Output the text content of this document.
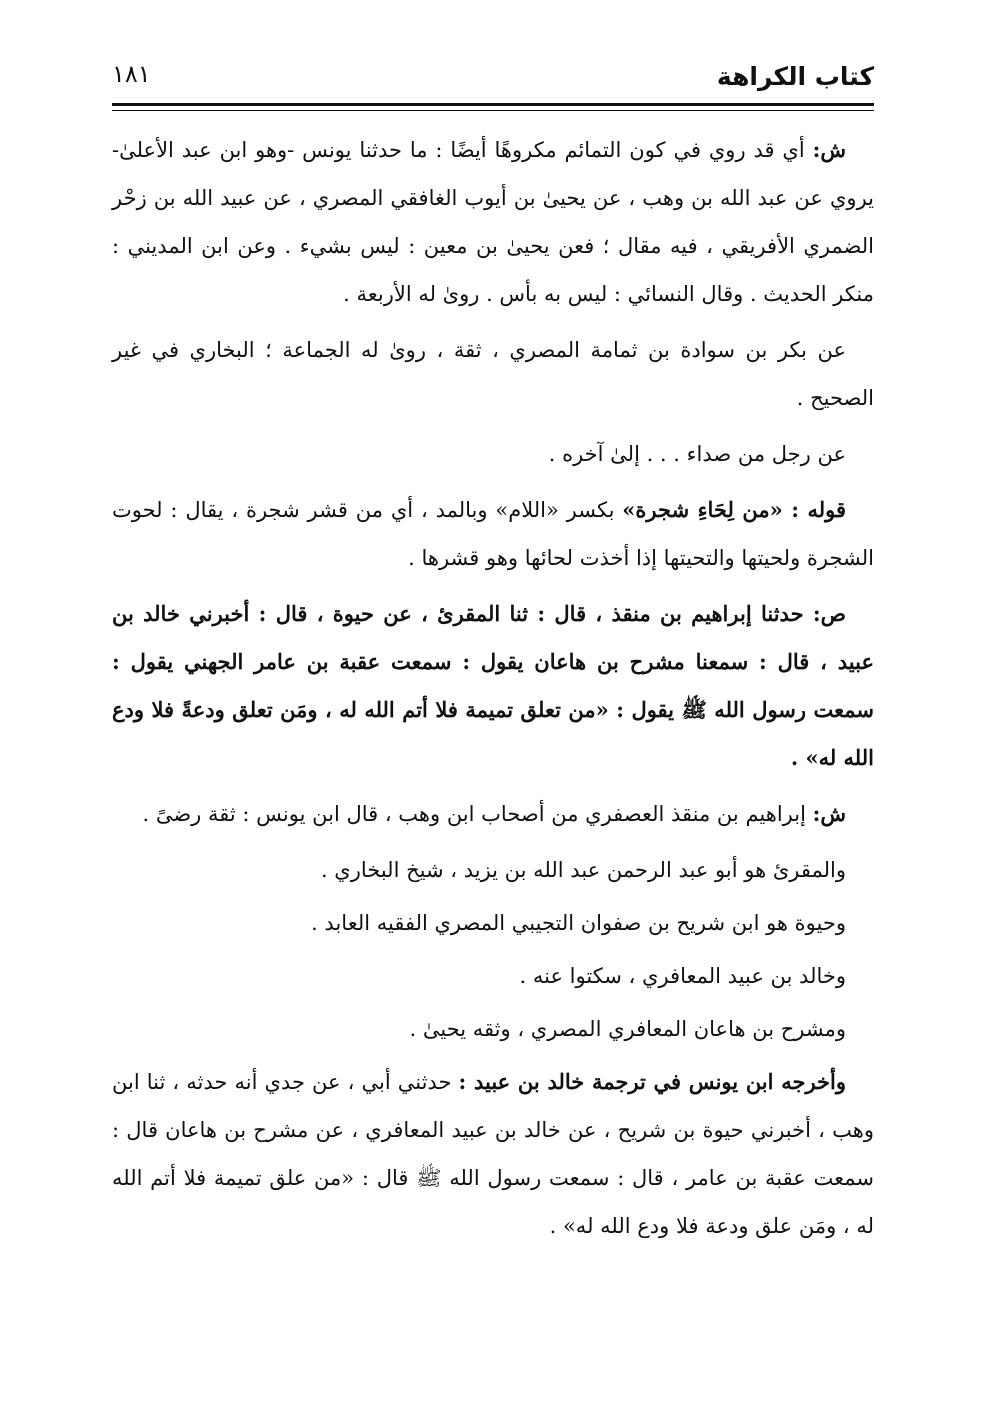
كتاب الكراهة
١٨١

ش: أي قد روي في كون التمائم مكروهًا أيضًا : ما حدثنا يونس -وهو ابن عبد الأعلىٰ- يروي عن عبد الله بن وهب ، عن يحيىٰ بن أيوب الغافقي المصري ، عن عبيد الله بن زحْر الضمري الأفريقي ، فيه مقال ؛ فعن يحيىٰ بن معين : ليس بشيء . وعن ابن المديني : منكر الحديث . وقال النسائي : ليس به بأس . روىٰ له الأربعة .

عن بكر بن سوادة بن ثمامة المصري ، ثقة ، روىٰ له الجماعة ؛ البخاري في غير الصحيح .

عن رجل من صداء . . . إلىٰ آخره .

قوله : «من لِحَاءِ شجرة» بكسر «اللام» وبالمد ، أي من قشر شجرة ، يقال : لحوت الشجرة ولحيتها والتحيتها إذا أخذت لحائها وهو قشرها .

ص: حدثنا إبراهيم بن منقذ ، قال : ثنا المقرئ ، عن حيوة ، قال : أخبرني خالد بن عبيد ، قال : سمعنا مشرح بن هاعان يقول : سمعت عقبة بن عامر الجهني يقول : سمعت رسول الله ﷺ يقول : «من تعلق تميمة فلا أتم الله له ، ومَن تعلق ودعةً فلا ودع الله له» .

ش: إبراهيم بن منقذ العصفري من أصحاب ابن وهب ، قال ابن يونس : ثقة رضىً .

والمقرئ هو أبو عبد الرحمن عبد الله بن يزيد ، شيخ البخاري .

وحيوة هو ابن شريح بن صفوان التجيبي المصري الفقيه العابد .

وخالد بن عبيد المعافري ، سكتوا عنه .

ومشرح بن هاعان المعافري المصري ، وثقه يحيىٰ .

وأخرجه ابن يونس في ترجمة خالد بن عبيد : حدثني أبي ، عن جدي أنه حدثه ، ثنا ابن وهب ، أخبرني حيوة بن شريح ، عن خالد بن عبيد المعافري ، عن مشرح بن هاعان قال : سمعت عقبة بن عامر ، قال : سمعت رسول الله ﷺ قال : «من علق تميمة فلا أتم الله له ، ومَن علق ودعة فلا ودع الله له» .
